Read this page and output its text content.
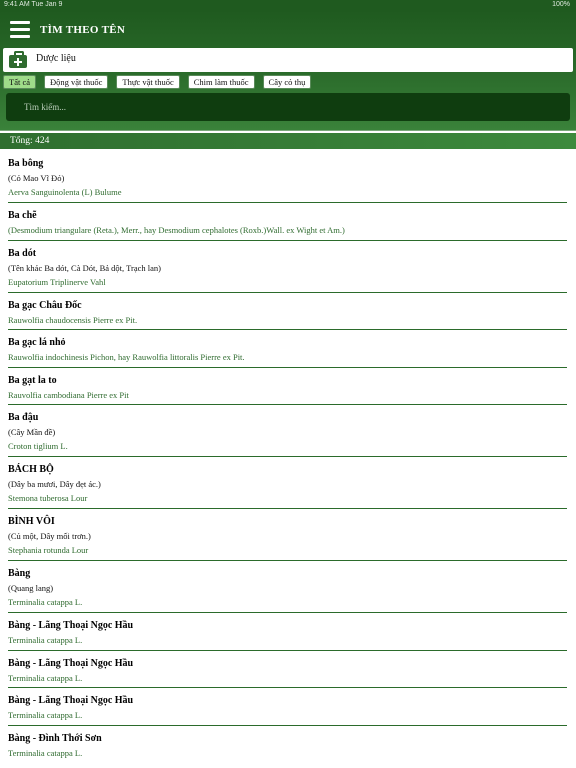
9:41 AM Tue Jan 9	100%
TÌM THEO TÊN
Dược liệu
Tất cả Động vật thuốc Thực vật thuốc Chim làm thuốc Cây cỏ thụ
Tìm kiếm...
Tổng: 424
Ba bông
(Cỏ Mao Vĩ Đỏ)
Aerva Sanguinolenta (L) Bulume
Ba chẽ
(Desmodium triangulare (Reta.), Merr., hay Desmodium cephalotes (Roxb.)Wall. ex Wight et Am.)
Ba dót
(Tên khác Ba dót, Cà Dót, Bả dột, Trạch lan)
Eupatorium Triplinerve Vahl
Ba gạc Châu Đốc
Rauwolfia chaudocensis Pierre ex Pit.
Ba gạc lá nhỏ
Rauwolfia indochinesis Pichon, hay Rauwolfia littoralis Pierre ex Pit.
Ba gạt la to
Rauvolfia cambodiana Pierre ex Pit
Ba đậu
(Cây Mần đề)
Croton tiglium L.
BÁCH BỘ
(Dây ba mươi, Dây đẹt ác.)
Stemona tuberosa Lour
BÌNH VÔI
(Củ một, Dây mối trơn.)
Stephania rotunda Lour
Bàng
(Quang lang)
Terminalia catappa L.
Bàng - Lãng Thoại Ngọc Hầu
Terminalia catappa L.
Bàng - Lãng Thoại Ngọc Hầu
Terminalia catappa L.
Bàng - Lãng Thoại Ngọc Hầu
Terminalia catappa L.
Bàng - Đình Thới Sơn
Terminalia catappa L.
